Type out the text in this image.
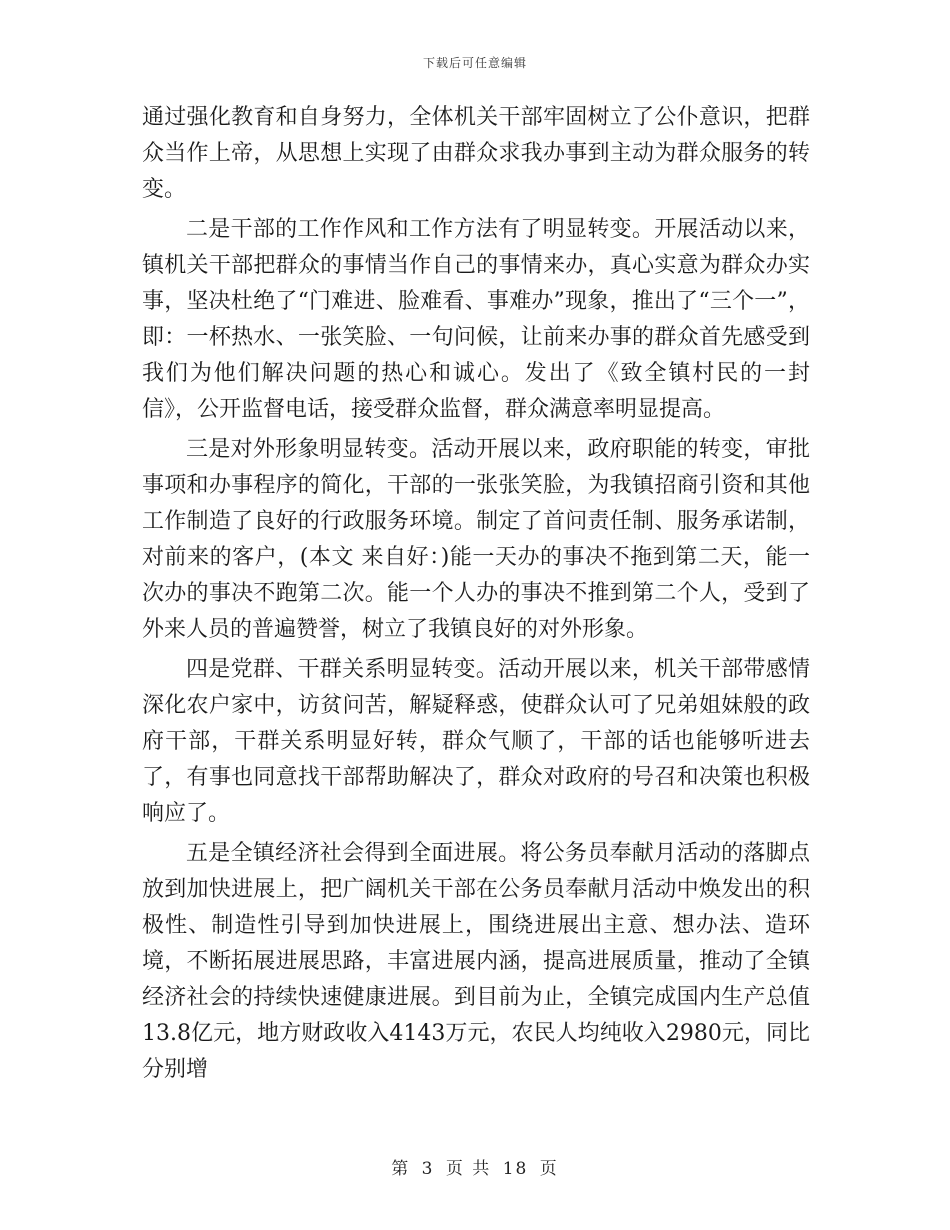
下载后可任意编辑

通过强化教育和自身努力，全体机关干部牢固树立了公仆意识，把群众当作上帝，从思想上实现了由群众求我办事到主动为群众服务的转变。

二是干部的工作作风和工作方法有了明显转变。开展活动以来，镇机关干部把群众的事情当作自己的事情来办，真心实意为群众办实事，坚决杜绝了“门难进、脸难看、事难办”现象，推出了“三个一”，即：一杯热水、一张笑脸、一句问候，让前来办事的群众首先感受到我们为他们解决问题的热心和诚心。发出了《致全镇村民的一封信》，公开监督电话，接受群众监督，群众满意率明显提高。

三是对外形象明显转变。活动开展以来，政府职能的转变，审批事项和办事程序的简化，干部的一张张笑脸，为我镇招商引资和其他工作制造了良好的行政服务环境。制定了首问责任制、服务承诺制，对前来的客户，(本文 来自好：)能一天办的事决不拖到第二天，能一次办的事决不跑第二次。能一个人办的事决不推到第二个人，受到了外来人员的普遍赞誉，树立了我镇良好的对外形象。

四是党群、干群关系明显转变。活动开展以来，机关干部带感情深化农户家中，访贫问苦，解疑释惑，使群众认可了兄弟姐妹般的政府干部，干群关系明显好转，群众气顺了，干部的话也能够听进去了，有事也同意找干部帮助解决了，群众对政府的号召和决策也积极响应了。

五是全镇经济社会得到全面进展。将公务员奉献月活动的落脚点放到加快进展上，把广阔机关干部在公务员奉献月活动中焕发出的积极性、制造性引导到加快进展上，围绕进展出主意、想办法、造环境，不断拓展进展思路，丰富进展内涵，提高进展质量，推动了全镇经济社会的持续快速健康进展。到目前为止，全镇完成国内生产总值13.8亿元，地方财政收入4143万元，农民人均纯收入2980元，同比分别增

第 3 页 共 18 页
